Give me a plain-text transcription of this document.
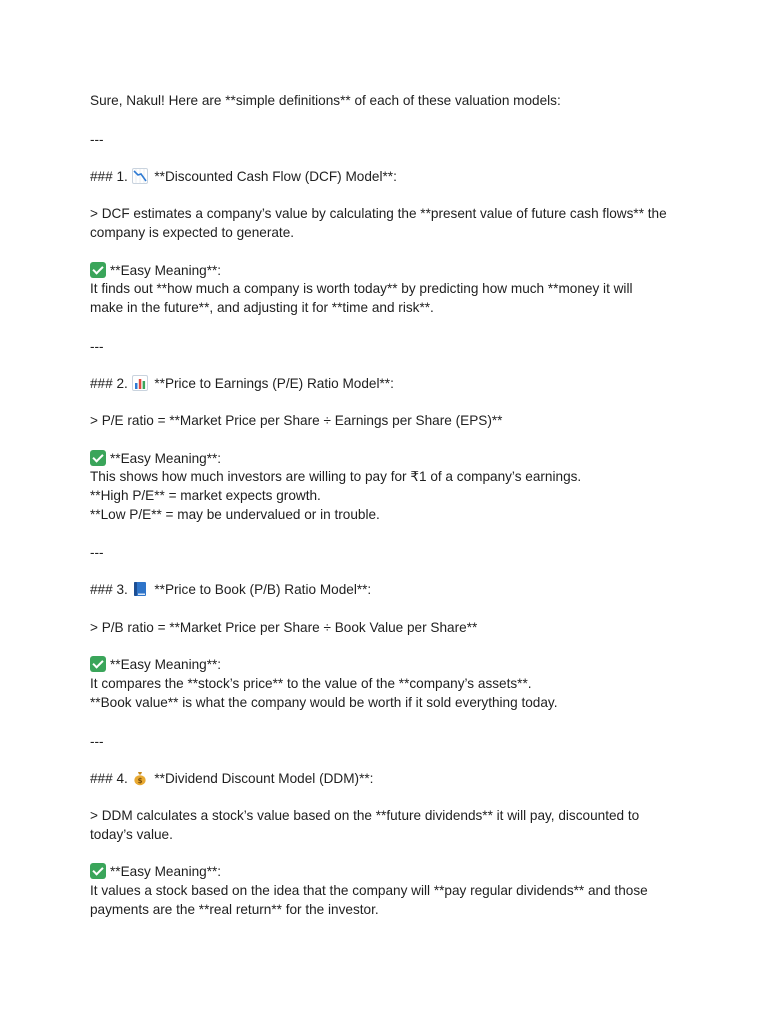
Sure, Nakul! Here are **simple definitions** of each of these valuation models:
---
### 1. **Discounted Cash Flow (DCF) Model**:
> DCF estimates a company’s value by calculating the **present value of future cash flows** the
company is expected to generate.
**Easy Meaning**:
It finds out **how much a company is worth today** by predicting how much **money it will
make in the future**, and adjusting it for **time and risk**.
---
### 2. **Price to Earnings (P/E) Ratio Model**:
> P/E ratio = **Market Price per Share ÷ Earnings per Share (EPS)**
**Easy Meaning**:
This shows how much investors are willing to pay for ₹1 of a company’s earnings.
**High P/E** = market expects growth.
**Low P/E** = may be undervalued or in trouble.
---
### 3. **Price to Book (P/B) Ratio Model**:
> P/B ratio = **Market Price per Share ÷ Book Value per Share**
**Easy Meaning**:
It compares the **stock’s price** to the value of the **company’s assets**.
**Book value** is what the company would be worth if it sold everything today.
---
### 4. $ **Dividend Discount Model (DDM)**:
> DDM calculates a stock’s value based on the **future dividends** it will pay, discounted to
today’s value.
**Easy Meaning**:
It values a stock based on the idea that the company will **pay regular dividends** and those
payments are the **real return** for the investor.
